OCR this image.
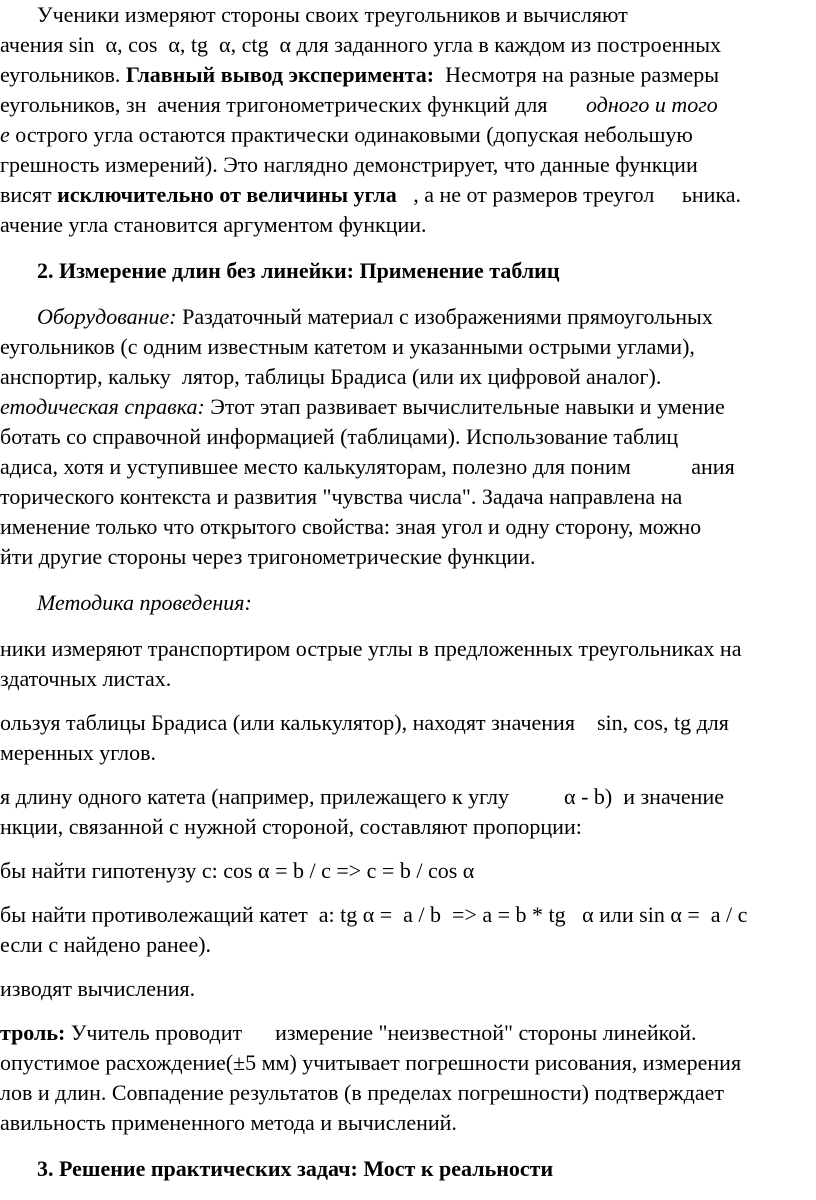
Ученики измеряют стороны своих треугольников и вычисляют
ачения sin  α, cos  α, tg  α, ctg  α для заданного угла в каждом из построенных
еугольников. Главный вывод эксперимента:  Несмотря на разные размеры
еугольников, зн  ачения тригонометрических функций для       одного и того
е острого угла остаются практически одинаковыми (допуская небольшую
грешность измерений). Это наглядно демонстрирует, что данные функции
висят исключительно от величины угла   , а не от размеров треугол     ьника.
ачение угла становится аргументом функции.
2. Измерение длин без линейки: Применение таблиц
Оборудование: Раздаточный материал с изображениями прямоугольных
еугольников (с одним известным катетом и указанными острыми углами),
анспортир, кальку  лятор, таблицы Брадиса (или их цифровой аналог).
етодическая справка: Этот этап развивает вычислительные навыки и умение
ботать со справочной информацией (таблицами). Использование таблиц
адиса, хотя и уступившее место калькуляторам, полезно для поним           ания
торического контекста и развития "чувства числа". Задача направлена на
именение только что открытого свойства: зная угол и одну сторону, можно
йти другие стороны через тригонометрические функции.
Методика проведения:
ники измеряют транспортиром острые углы в предложенных треугольниках на
здаточных листах.
ользуя таблицы Брадиса (или калькулятор), находят значения    sin, cos, tg для
меренных углов.
я длину одного катета (например, прилежащего к углу          α - b)  и значение
нкции, связанной с нужной стороной, составляют пропорции:
бы найти гипотенузу c: cos α = b / c => c = b / cos α
бы найти противолежащий катет  a: tg α =  a / b  => a = b * tg   α или sin α =  a / c
если c найдено ранее).
изводят вычисления.
троль: Учитель проводит      измерение "неизвестной" стороны линейкой.
опустимое расхождение(±5 мм) учитывает погрешности рисования, измерения
лов и длин. Совпадение результатов (в пределах погрешности) подтверждает
авильность примененного метода и вычислений.
3. Решение практических задач: Мост к реальности
